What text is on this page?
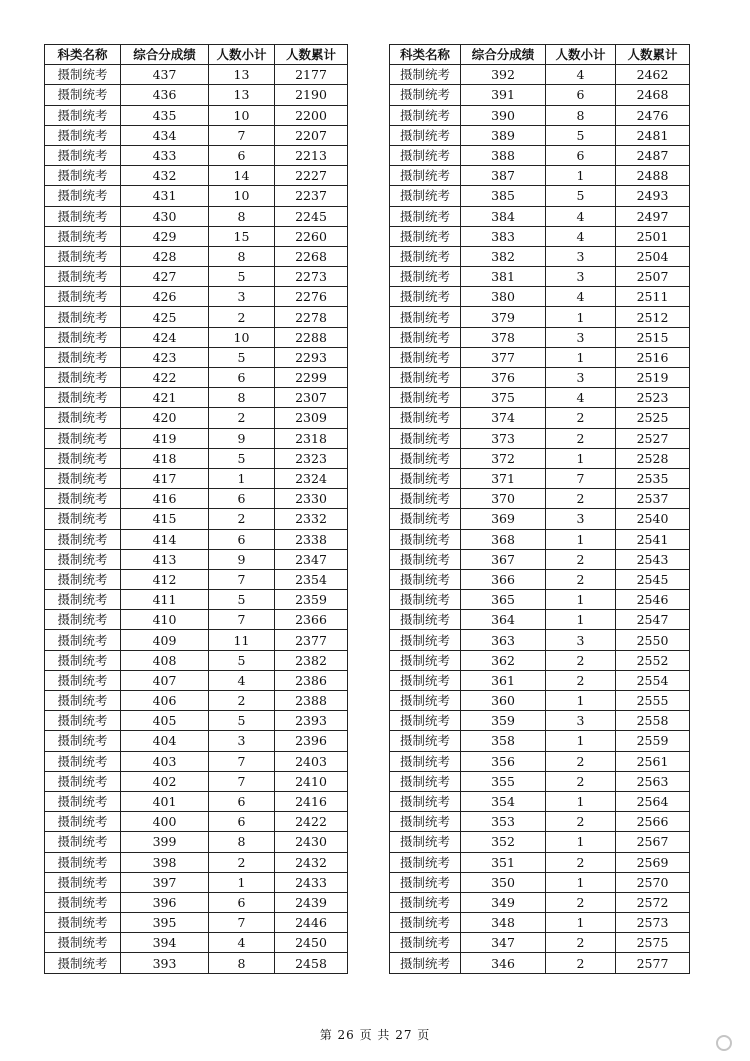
科类名称	综合分成绩	人数小计	人数累计
摄制统考	437	13	2177
摄制统考	436	13	2190
摄制统考	435	10	2200
摄制统考	434	7	2207
摄制统考	433	6	2213
摄制统考	432	14	2227
摄制统考	431	10	2237
摄制统考	430	8	2245
摄制统考	429	15	2260
摄制统考	428	8	2268
摄制统考	427	5	2273
摄制统考	426	3	2276
摄制统考	425	2	2278
摄制统考	424	10	2288
摄制统考	423	5	2293
摄制统考	422	6	2299
摄制统考	421	8	2307
摄制统考	420	2	2309
摄制统考	419	9	2318
摄制统考	418	5	2323
摄制统考	417	1	2324
摄制统考	416	6	2330
摄制统考	415	2	2332
摄制统考	414	6	2338
摄制统考	413	9	2347
摄制统考	412	7	2354
摄制统考	411	5	2359
摄制统考	410	7	2366
摄制统考	409	11	2377
摄制统考	408	5	2382
摄制统考	407	4	2386
摄制统考	406	2	2388
摄制统考	405	5	2393
摄制统考	404	3	2396
摄制统考	403	7	2403
摄制统考	402	7	2410
摄制统考	401	6	2416
摄制统考	400	6	2422
摄制统考	399	8	2430
摄制统考	398	2	2432
摄制统考	397	1	2433
摄制统考	396	6	2439
摄制统考	395	7	2446
摄制统考	394	4	2450
摄制统考	393	8	2458
科类名称	综合分成绩	人数小计	人数累计
摄制统考	392	4	2462
摄制统考	391	6	2468
摄制统考	390	8	2476
摄制统考	389	5	2481
摄制统考	388	6	2487
摄制统考	387	1	2488
摄制统考	385	5	2493
摄制统考	384	4	2497
摄制统考	383	4	2501
摄制统考	382	3	2504
摄制统考	381	3	2507
摄制统考	380	4	2511
摄制统考	379	1	2512
摄制统考	378	3	2515
摄制统考	377	1	2516
摄制统考	376	3	2519
摄制统考	375	4	2523
摄制统考	374	2	2525
摄制统考	373	2	2527
摄制统考	372	1	2528
摄制统考	371	7	2535
摄制统考	370	2	2537
摄制统考	369	3	2540
摄制统考	368	1	2541
摄制统考	367	2	2543
摄制统考	366	2	2545
摄制统考	365	1	2546
摄制统考	364	1	2547
摄制统考	363	3	2550
摄制统考	362	2	2552
摄制统考	361	2	2554
摄制统考	360	1	2555
摄制统考	359	3	2558
摄制统考	358	1	2559
摄制统考	356	2	2561
摄制统考	355	2	2563
摄制统考	354	1	2564
摄制统考	353	2	2566
摄制统考	352	1	2567
摄制统考	351	2	2569
摄制统考	350	1	2570
摄制统考	349	2	2572
摄制统考	348	1	2573
摄制统考	347	2	2575
摄制统考	346	2	2577
第 26 页 共 27 页
